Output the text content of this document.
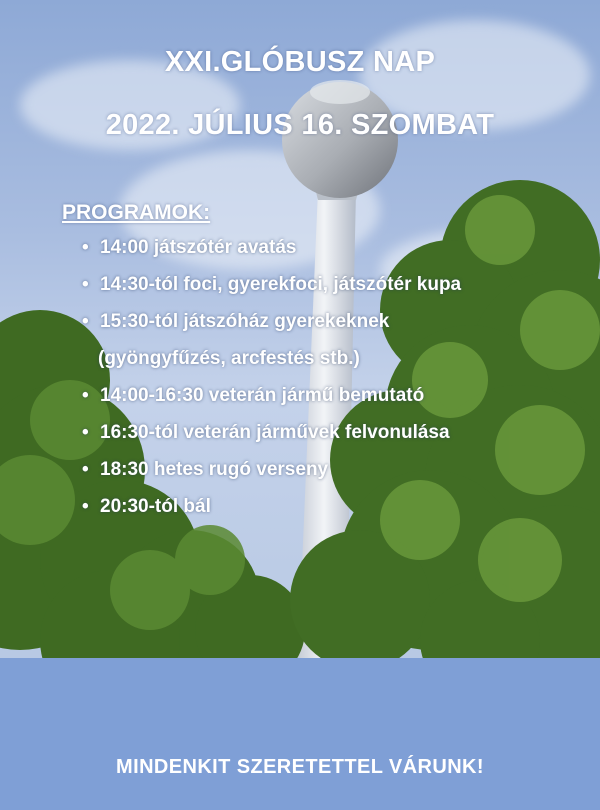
XXI.GLÓBUSZ NAP
2022. JÚLIUS 16. SZOMBAT
PROGRAMOK:
• 14:00 játszótér avatás
• 14:30-tól foci, gyerekfoci, játszótér kupa
• 15:30-tól játszóház gyerekeknek
(gyöngyfűzés, arcfestés stb.)
• 14:00-16:30 veterán jármű bemutató
• 16:30-tól veterán járművek felvonulása
• 18:30 hetes rugó verseny
• 20:30-tól bál

MINDENKIT SZERETETTEL VÁRUNK!
